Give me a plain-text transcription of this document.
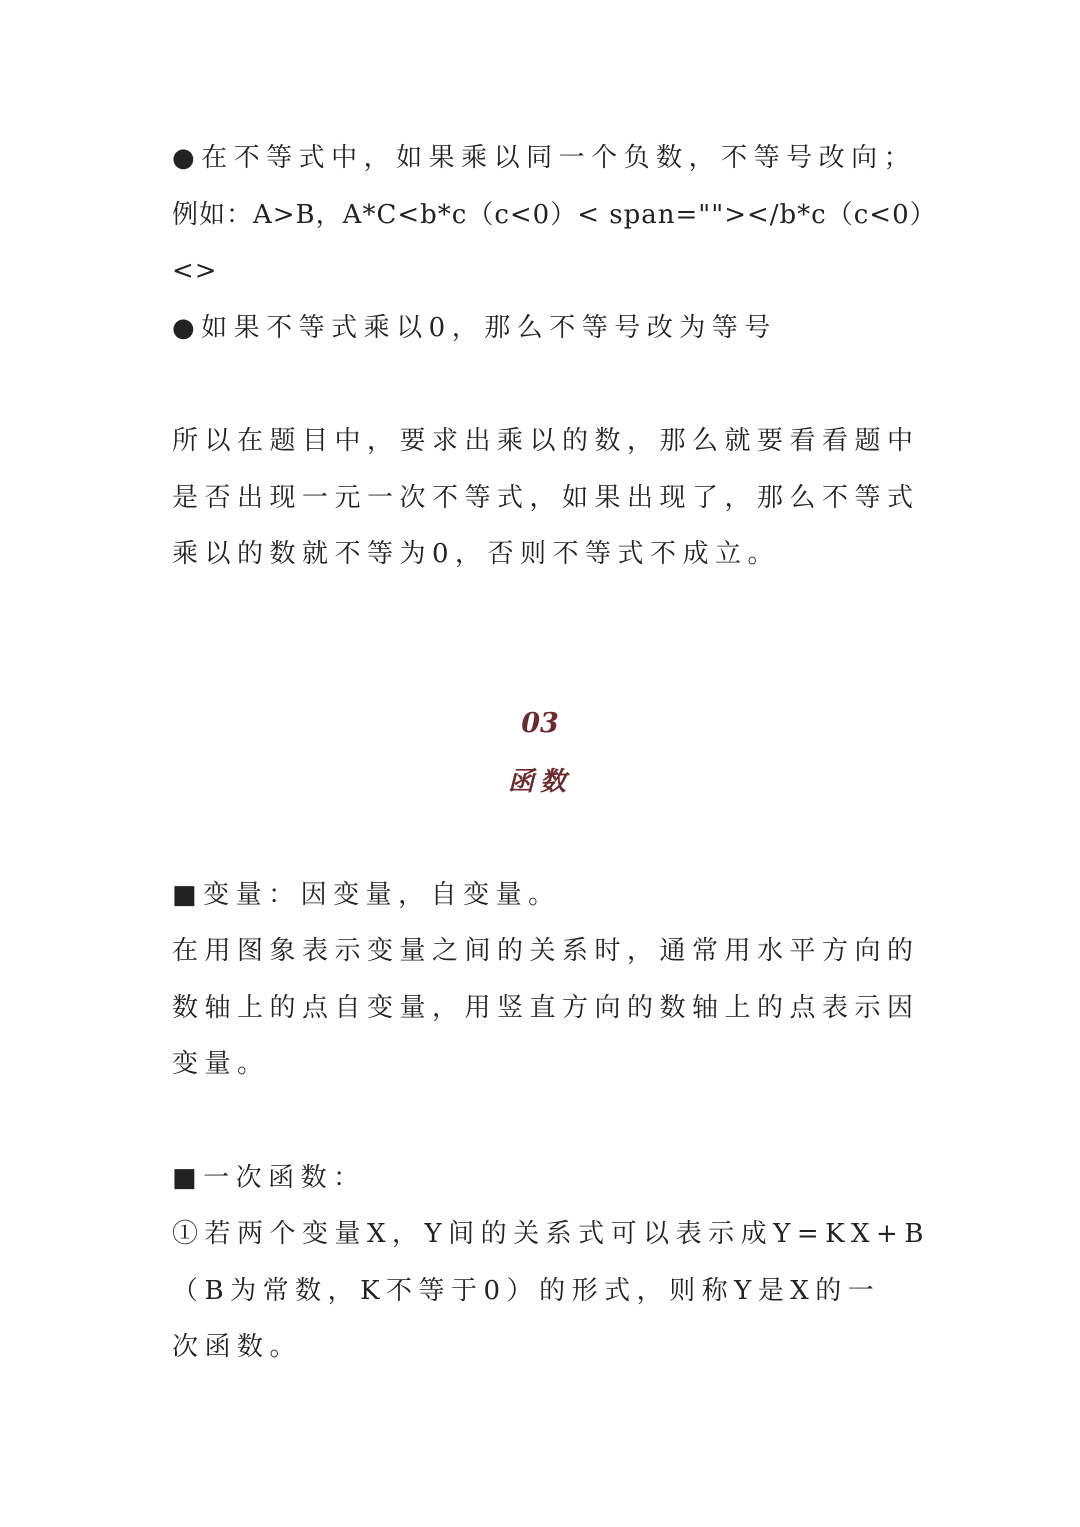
●在不等式中，如果乘以同一个负数，不等号改向；
例如：A>B，A*C<b*c（c<0）< span=""></b*c（c<0）
<>
●如果不等式乘以0，那么不等号改为等号
所以在题目中，要求出乘以的数，那么就要看看题中
是否出现一元一次不等式，如果出现了，那么不等式
乘以的数就不等为0，否则不等式不成立。
03
函数
■变量：因变量，自变量。
在用图象表示变量之间的关系时，通常用水平方向的
数轴上的点自变量，用竖直方向的数轴上的点表示因
变量。
■一次函数：
①若两个变量X，Y间的关系式可以表示成Y=KX+B
（B为常数，K不等于0）的形式，则称Y是X的一
次函数。
